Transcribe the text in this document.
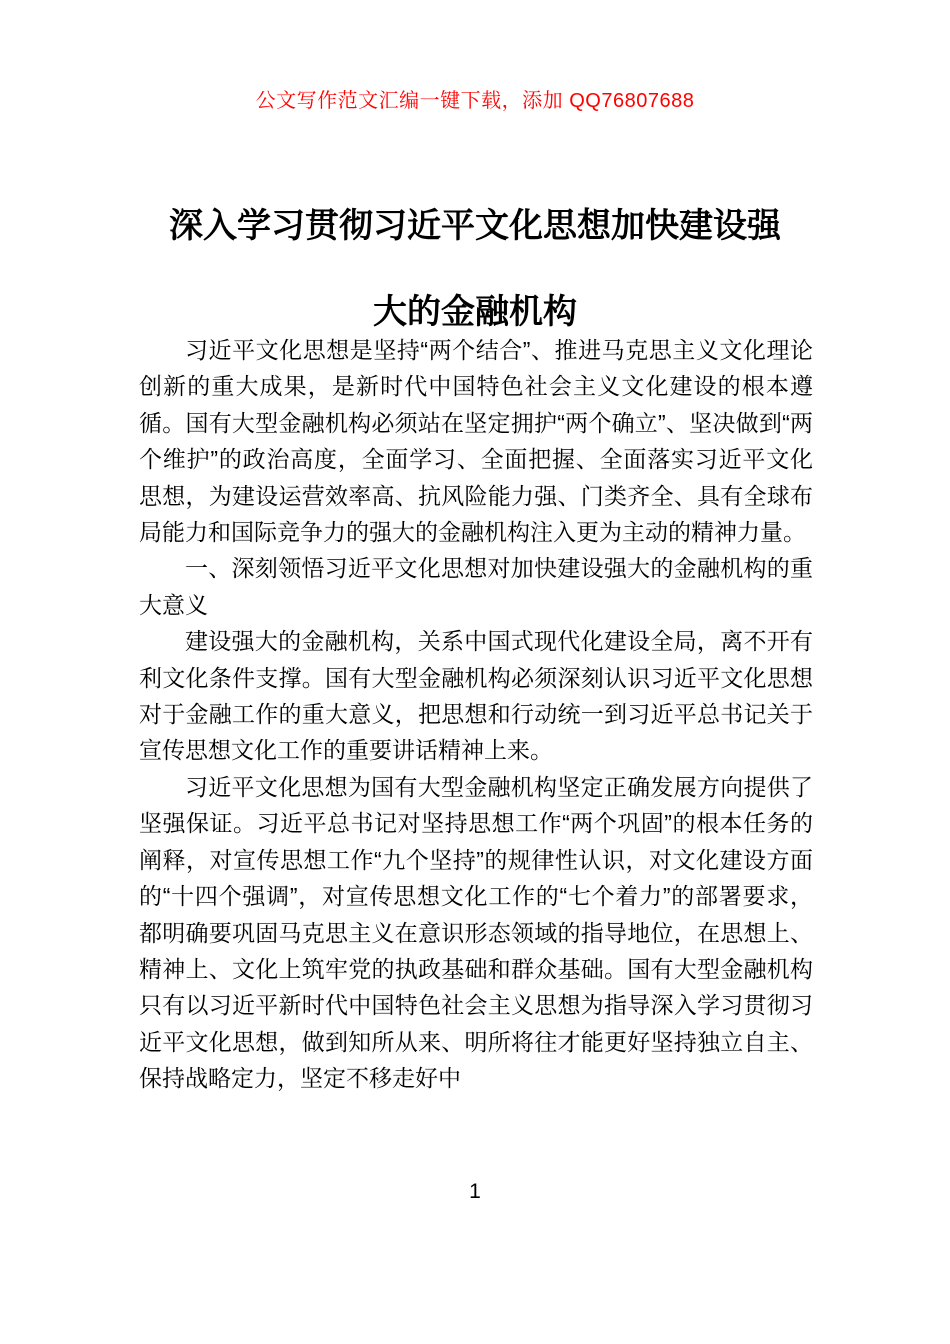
公文写作范文汇编一键下载，添加 QQ76807688
深入学习贯彻习近平文化思想加快建设强
大的金融机构

习近平文化思想是坚持“两个结合”、推进马克思主义文化理论创新的重大成果，是新时代中国特色社会主义文化建设的根本遵循。国有大型金融机构必须站在坚定拥护“两个确立”、坚决做到“两个维护”的政治高度，全面学习、全面把握、全面落实习近平文化思想，为建设运营效率高、抗风险能力强、门类齐全、具有全球布局能力和国际竞争力的强大的金融机构注入更为主动的精神力量。

一、深刻领悟习近平文化思想对加快建设强大的金融机构的重大意义

建设强大的金融机构，关系中国式现代化建设全局，离不开有利文化条件支撑。国有大型金融机构必须深刻认识习近平文化思想对于金融工作的重大意义，把思想和行动统一到习近平总书记关于宣传思想文化工作的重要讲话精神上来。

习近平文化思想为国有大型金融机构坚定正确发展方向提供了坚强保证。习近平总书记对坚持思想工作“两个巩固”的根本任务的阐释，对宣传思想工作“九个坚持”的规律性认识，对文化建设方面的“十四个强调”，对宣传思想文化工作的“七个着力”的部署要求，都明确要巩固马克思主义在意识形态领域的指导地位，在思想上、精神上、文化上筑牢党的执政基础和群众基础。国有大型金融机构只有以习近平新时代中国特色社会主义思想为指导深入学习贯彻习近平文化思想，做到知所从来、明所将往才能更好坚持独立自主、保持战略定力，坚定不移走好中

1
